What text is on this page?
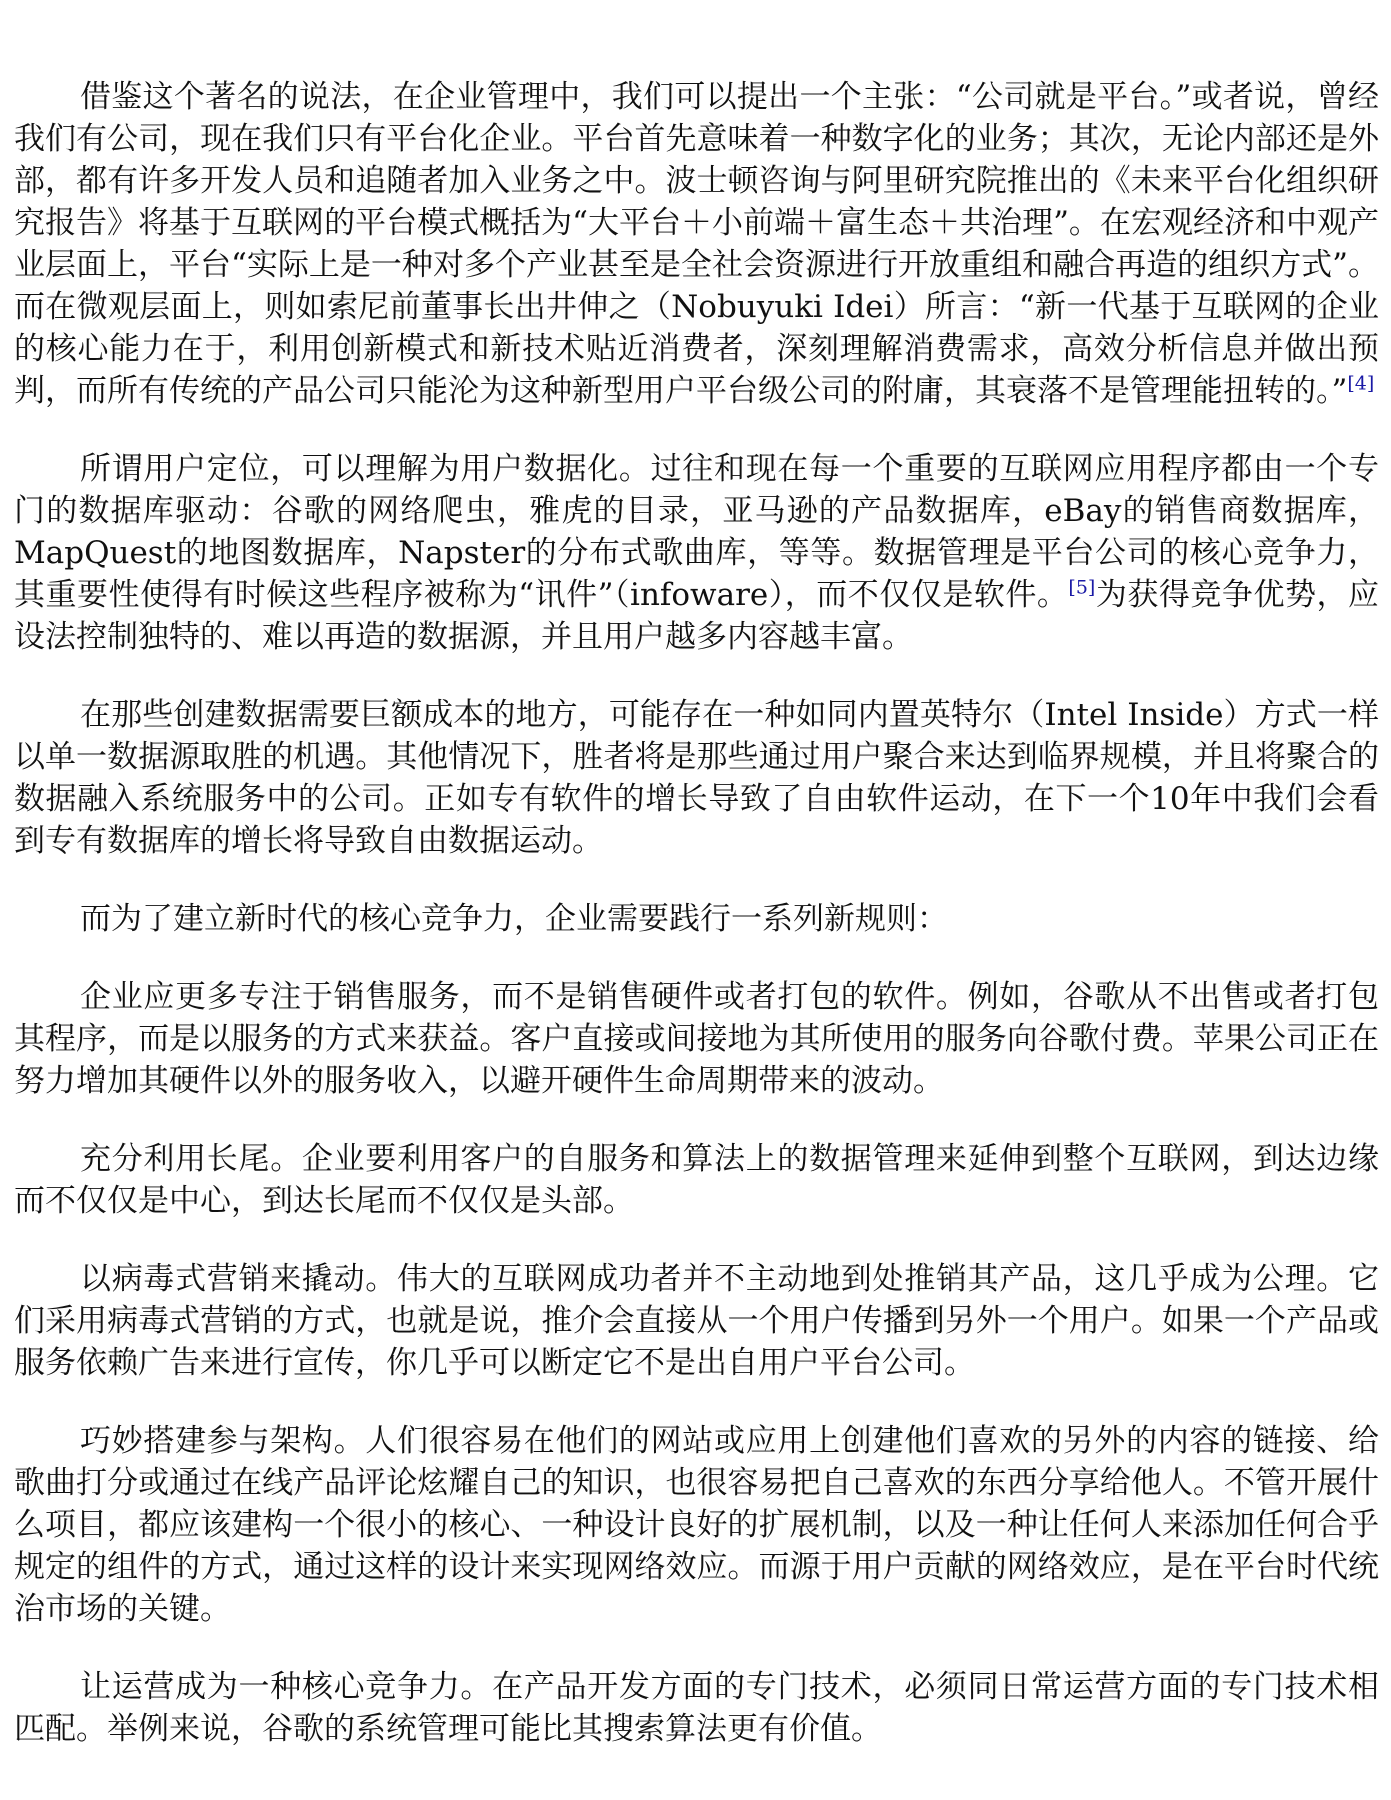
借鉴这个著名的说法，在企业管理中，我们可以提出一个主张：“公司就是平台。”或者说，曾经我们有公司，现在我们只有平台化企业。平台首先意味着一种数字化的业务；其次，无论内部还是外部，都有许多开发人员和追随者加入业务之中。波士顿咨询与阿里研究院推出的《未来平台化组织研究报告》将基于互联网的平台模式概括为“大平台＋小前端＋富生态＋共治理”。在宏观经济和中观产业层面上，平台“实际上是一种对多个产业甚至是全社会资源进行开放重组和融合再造的组织方式”。而在微观层面上，则如索尼前董事长出井伸之（Nobuyuki Idei）所言：“新一代基于互联网的企业的核心能力在于，利用创新模式和新技术贴近消费者，深刻理解消费需求，高效分析信息并做出预判，而所有传统的产品公司只能沦为这种新型用户平台级公司的附庸，其衰落不是管理能扭转的。”[4]

所谓用户定位，可以理解为用户数据化。过往和现在每一个重要的互联网应用程序都由一个专门的数据库驱动：谷歌的网络爬虫，雅虎的目录，亚马逊的产品数据库，eBay的销售商数据库，MapQuest的地图数据库，Napster的分布式歌曲库，等等。数据管理是平台公司的核心竞争力，其重要性使得有时候这些程序被称为“讯件”（infoware），而不仅仅是软件。[5]为获得竞争优势，应设法控制独特的、难以再造的数据源，并且用户越多内容越丰富。

在那些创建数据需要巨额成本的地方，可能存在一种如同内置英特尔（Intel Inside）方式一样以单一数据源取胜的机遇。其他情况下，胜者将是那些通过用户聚合来达到临界规模，并且将聚合的数据融入系统服务中的公司。正如专有软件的增长导致了自由软件运动，在下一个10年中我们会看到专有数据库的增长将导致自由数据运动。

而为了建立新时代的核心竞争力，企业需要践行一系列新规则：

企业应更多专注于销售服务，而不是销售硬件或者打包的软件。例如，谷歌从不出售或者打包其程序，而是以服务的方式来获益。客户直接或间接地为其所使用的服务向谷歌付费。苹果公司正在努力增加其硬件以外的服务收入，以避开硬件生命周期带来的波动。

充分利用长尾。企业要利用客户的自服务和算法上的数据管理来延伸到整个互联网，到达边缘而不仅仅是中心，到达长尾而不仅仅是头部。

以病毒式营销来撬动。伟大的互联网成功者并不主动地到处推销其产品，这几乎成为公理。它们采用病毒式营销的方式，也就是说，推介会直接从一个用户传播到另外一个用户。如果一个产品或服务依赖广告来进行宣传，你几乎可以断定它不是出自用户平台公司。

巧妙搭建参与架构。人们很容易在他们的网站或应用上创建他们喜欢的另外的内容的链接、给歌曲打分或通过在线产品评论炫耀自己的知识，也很容易把自己喜欢的东西分享给他人。不管开展什么项目，都应该建构一个很小的核心、一种设计良好的扩展机制，以及一种让任何人来添加任何合乎规定的组件的方式，通过这样的设计来实现网络效应。而源于用户贡献的网络效应，是在平台时代统治市场的关键。

让运营成为一种核心竞争力。在产品开发方面的专门技术，必须同日常运营方面的专门技术相匹配。举例来说，谷歌的系统管理可能比其搜索算法更有价值。
